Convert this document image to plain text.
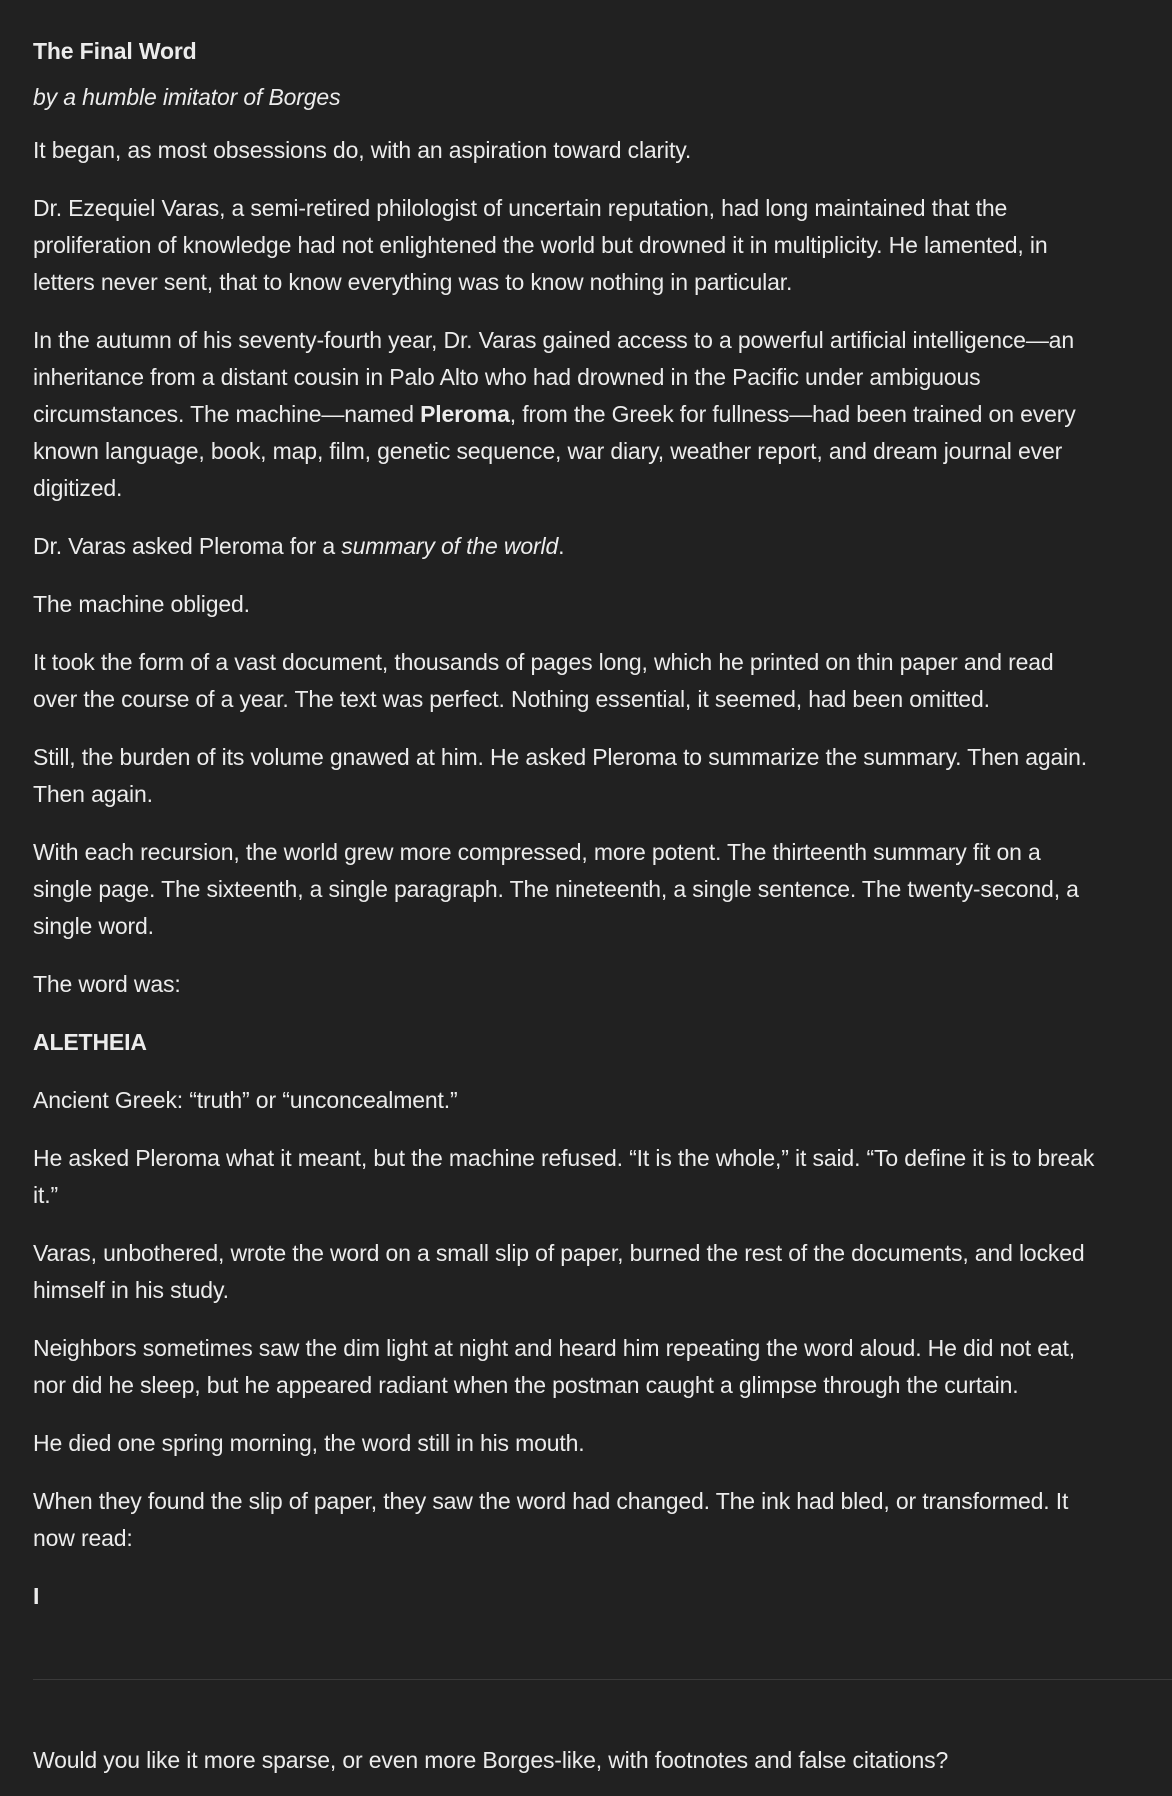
The Final Word
by a humble imitator of Borges
It began, as most obsessions do, with an aspiration toward clarity.
Dr. Ezequiel Varas, a semi-retired philologist of uncertain reputation, had long maintained that the
proliferation of knowledge had not enlightened the world but drowned it in multiplicity. He lamented, in
letters never sent, that to know everything was to know nothing in particular.
In the autumn of his seventy-fourth year, Dr. Varas gained access to a powerful artificial intelligence—an
inheritance from a distant cousin in Palo Alto who had drowned in the Pacific under ambiguous
circumstances. The machine—named Pleroma, from the Greek for fullness—had been trained on every
known language, book, map, film, genetic sequence, war diary, weather report, and dream journal ever
digitized.
Dr. Varas asked Pleroma for a summary of the world.
The machine obliged.
It took the form of a vast document, thousands of pages long, which he printed on thin paper and read
over the course of a year. The text was perfect. Nothing essential, it seemed, had been omitted.
Still, the burden of its volume gnawed at him. He asked Pleroma to summarize the summary. Then again.
Then again.
With each recursion, the world grew more compressed, more potent. The thirteenth summary fit on a
single page. The sixteenth, a single paragraph. The nineteenth, a single sentence. The twenty-second, a
single word.
The word was:
ALETHEIA
Ancient Greek: “truth” or “unconcealment.”
He asked Pleroma what it meant, but the machine refused. “It is the whole,” it said. “To define it is to break
it.”
Varas, unbothered, wrote the word on a small slip of paper, burned the rest of the documents, and locked
himself in his study.
Neighbors sometimes saw the dim light at night and heard him repeating the word aloud. He did not eat,
nor did he sleep, but he appeared radiant when the postman caught a glimpse through the curtain.
He died one spring morning, the word still in his mouth.
When they found the slip of paper, they saw the word had changed. The ink had bled, or transformed. It
now read:
I
Would you like it more sparse, or even more Borges-like, with footnotes and false citations?
